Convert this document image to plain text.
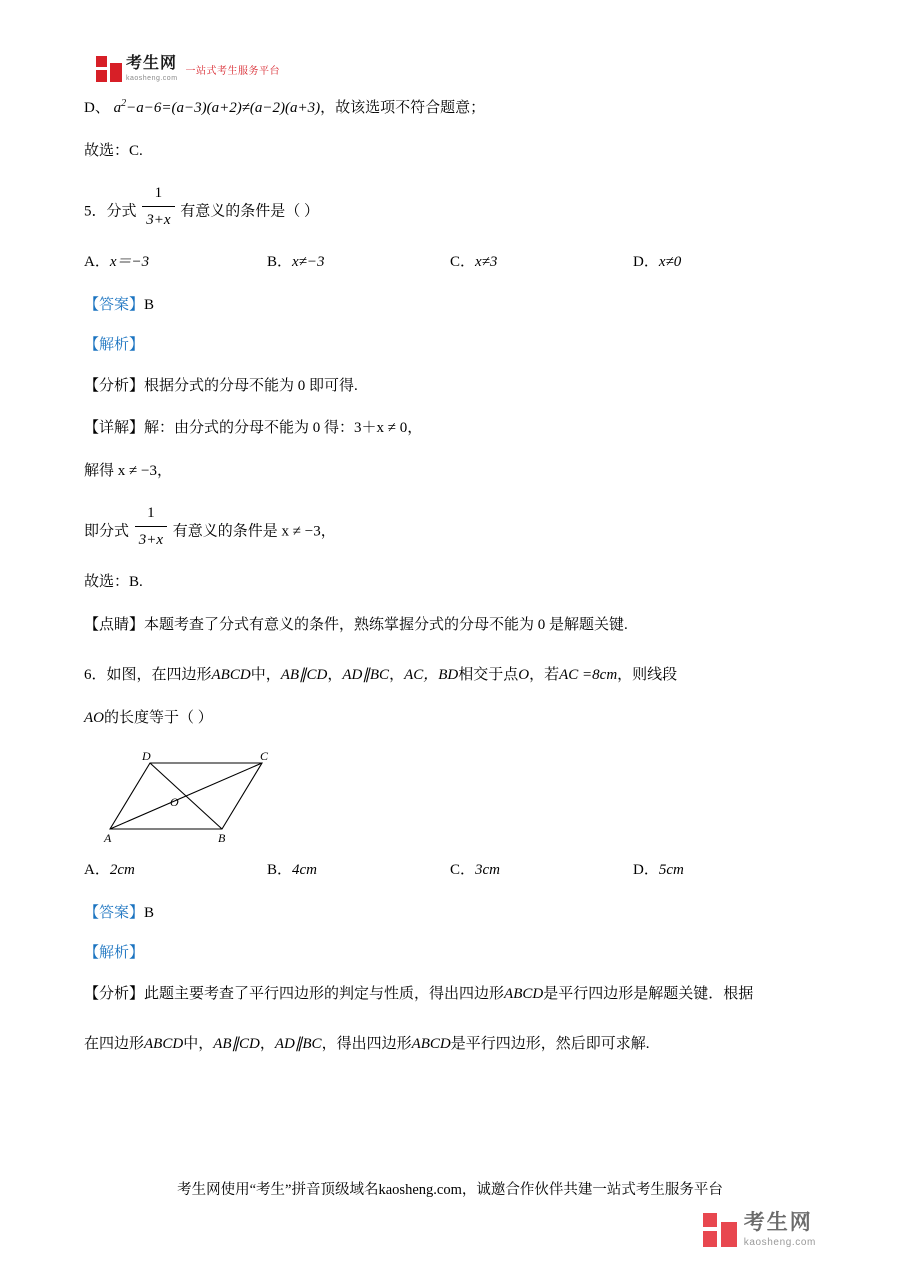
考生网
kaosheng.com
一站式考生服务平台

D、 $a^2-a-6=(a-3)(a+2)\ne(a-2)(a+3)$，故该选项不符合题意；

故选：C.

5．分式 $\frac{1}{3+x}$ 有意义的条件是（ ）

A．x＝−3	B．x≠−3	C．x≠3	D．x≠0

【答案】B

【解析】

【分析】根据分式的分母不能为 0 即可得.

【详解】解：由分式的分母不能为 0 得：3＋x ≠ 0，

解得 x ≠ −3，

即分式 $\frac{1}{3+x}$ 有意义的条件是 x ≠ −3，

故选：B.

【点睛】本题考查了分式有意义的条件，熟练掌握分式的分母不能为 0 是解题关键.

6．如图，在四边形ABCD中，AB∥CD，AD∥BC，AC，BD相交于点O，若AC =8cm，则线段

AO的长度等于（ ）

A	B
C
D
O
A．2cm	B．4cm	C．3cm	D．5cm

【答案】B

【解析】

【分析】此题主要考查了平行四边形的判定与性质，得出四边形ABCD是平行四边形是解题关键．根据

在四边形ABCD中，AB∥CD，AD∥BC，得出四边形ABCD是平行四边形，然后即可求解.

考生网使用“考生”拼音顶级域名kaosheng.com，诚邀合作伙伴共建一站式考生服务平台
考生网
kaosheng.com
